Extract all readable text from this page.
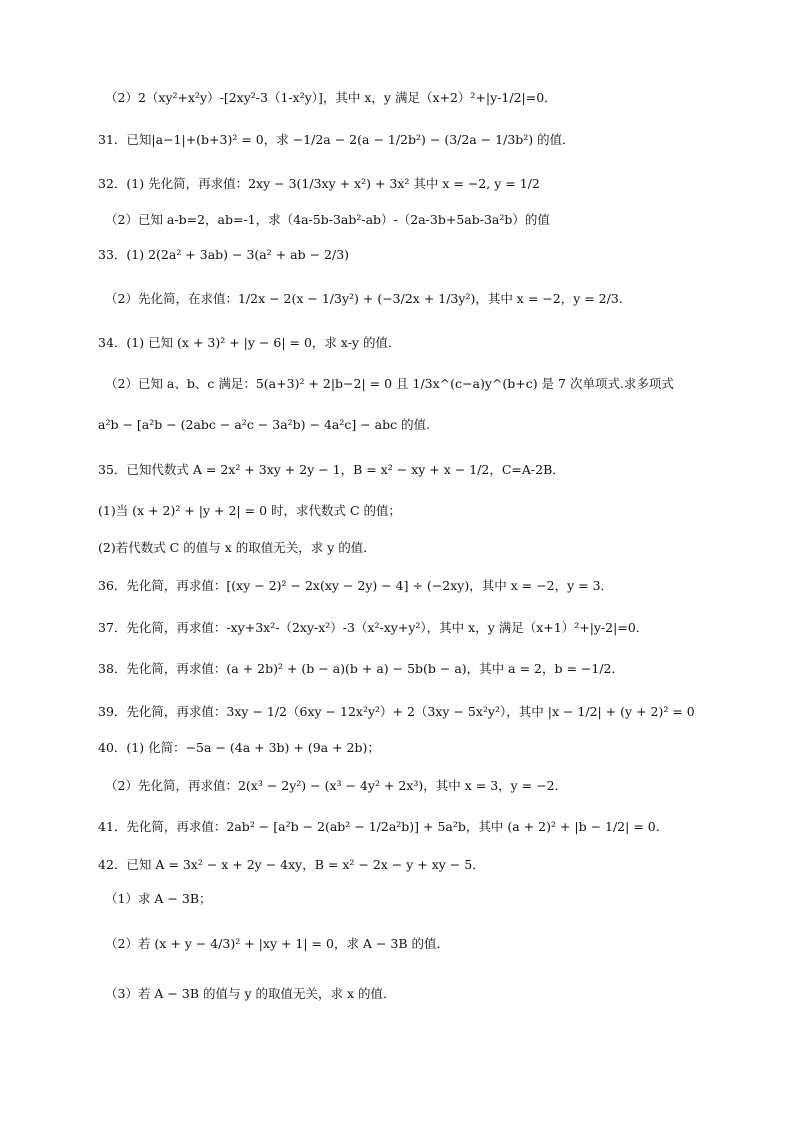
（2）2（xy²+x²y）-[2xy²-3（1-x²y）]，其中 x，y 满足（x+2）²+|y-1/2|=0．
31．已知|a−1|+(b+3)² = 0，求 −1/2a − 2(a − 1/2b²) − (3/2a − 1/3b²) 的值．
32．(1) 先化简，再求值：2xy − 3(1/3xy + x²) + 3x² 其中 x = −2, y = 1/2
（2）已知 a-b=2，ab=-1，求（4a-5b-3ab²-ab）-（2a-3b+5ab-3a²b）的值
33．(1) 2(2a² + 3ab) − 3(a² + ab − 2/3)
（2）先化简，在求值：1/2x − 2(x − 1/3y²) + (−3/2x + 1/3y²)，其中 x = −2，y = 2/3.
34．(1) 已知 (x + 3)² + |y − 6| = 0，求 x-y 的值．
（2）已知 a、b、c 满足：5(a+3)² + 2|b−2| = 0 且 1/3x^(c−a)y^(b+c) 是 7 次单项式.求多项式
a²b − [a²b − (2abc − a²c − 3a²b) − 4a²c] − abc 的值.
35．已知代数式 A = 2x² + 3xy + 2y − 1，B = x² − xy + x − 1/2，C=A-2B．
(1)当 (x + 2)² + |y + 2| = 0 时，求代数式 C 的值；
(2)若代数式 C 的值与 x 的取值无关，求 y 的值．
36．先化简，再求值：[(xy − 2)² − 2x(xy − 2y) − 4] ÷ (−2xy)，其中 x = −2，y = 3．
37．先化简，再求值：-xy+3x²-（2xy-x²）-3（x²-xy+y²），其中 x，y 满足（x+1）²+|y-2|=0．
38．先化简，再求值：(a + 2b)² + (b − a)(b + a) − 5b(b − a)，其中 a = 2，b = −1/2．
39．先化简，再求值：3xy − 1/2（6xy − 12x²y²）+ 2（3xy − 5x²y²），其中 |x − 1/2| + (y + 2)² = 0
40．(1) 化简：−5a − (4a + 3b) + (9a + 2b)；
（2）先化简，再求值：2(x³ − 2y²) − (x³ − 4y² + 2x³)，其中 x = 3，y = −2．
41．先化简，再求值：2ab² − [a²b − 2(ab² − 1/2a²b)] + 5a²b，其中 (a + 2)² + |b − 1/2| = 0．
42．已知 A = 3x² − x + 2y − 4xy，B = x² − 2x − y + xy − 5．
（1）求 A − 3B；
（2）若 (x + y − 4/3)² + |xy + 1| = 0，求 A − 3B 的值．
（3）若 A − 3B 的值与 y 的取值无关，求 x 的值．
